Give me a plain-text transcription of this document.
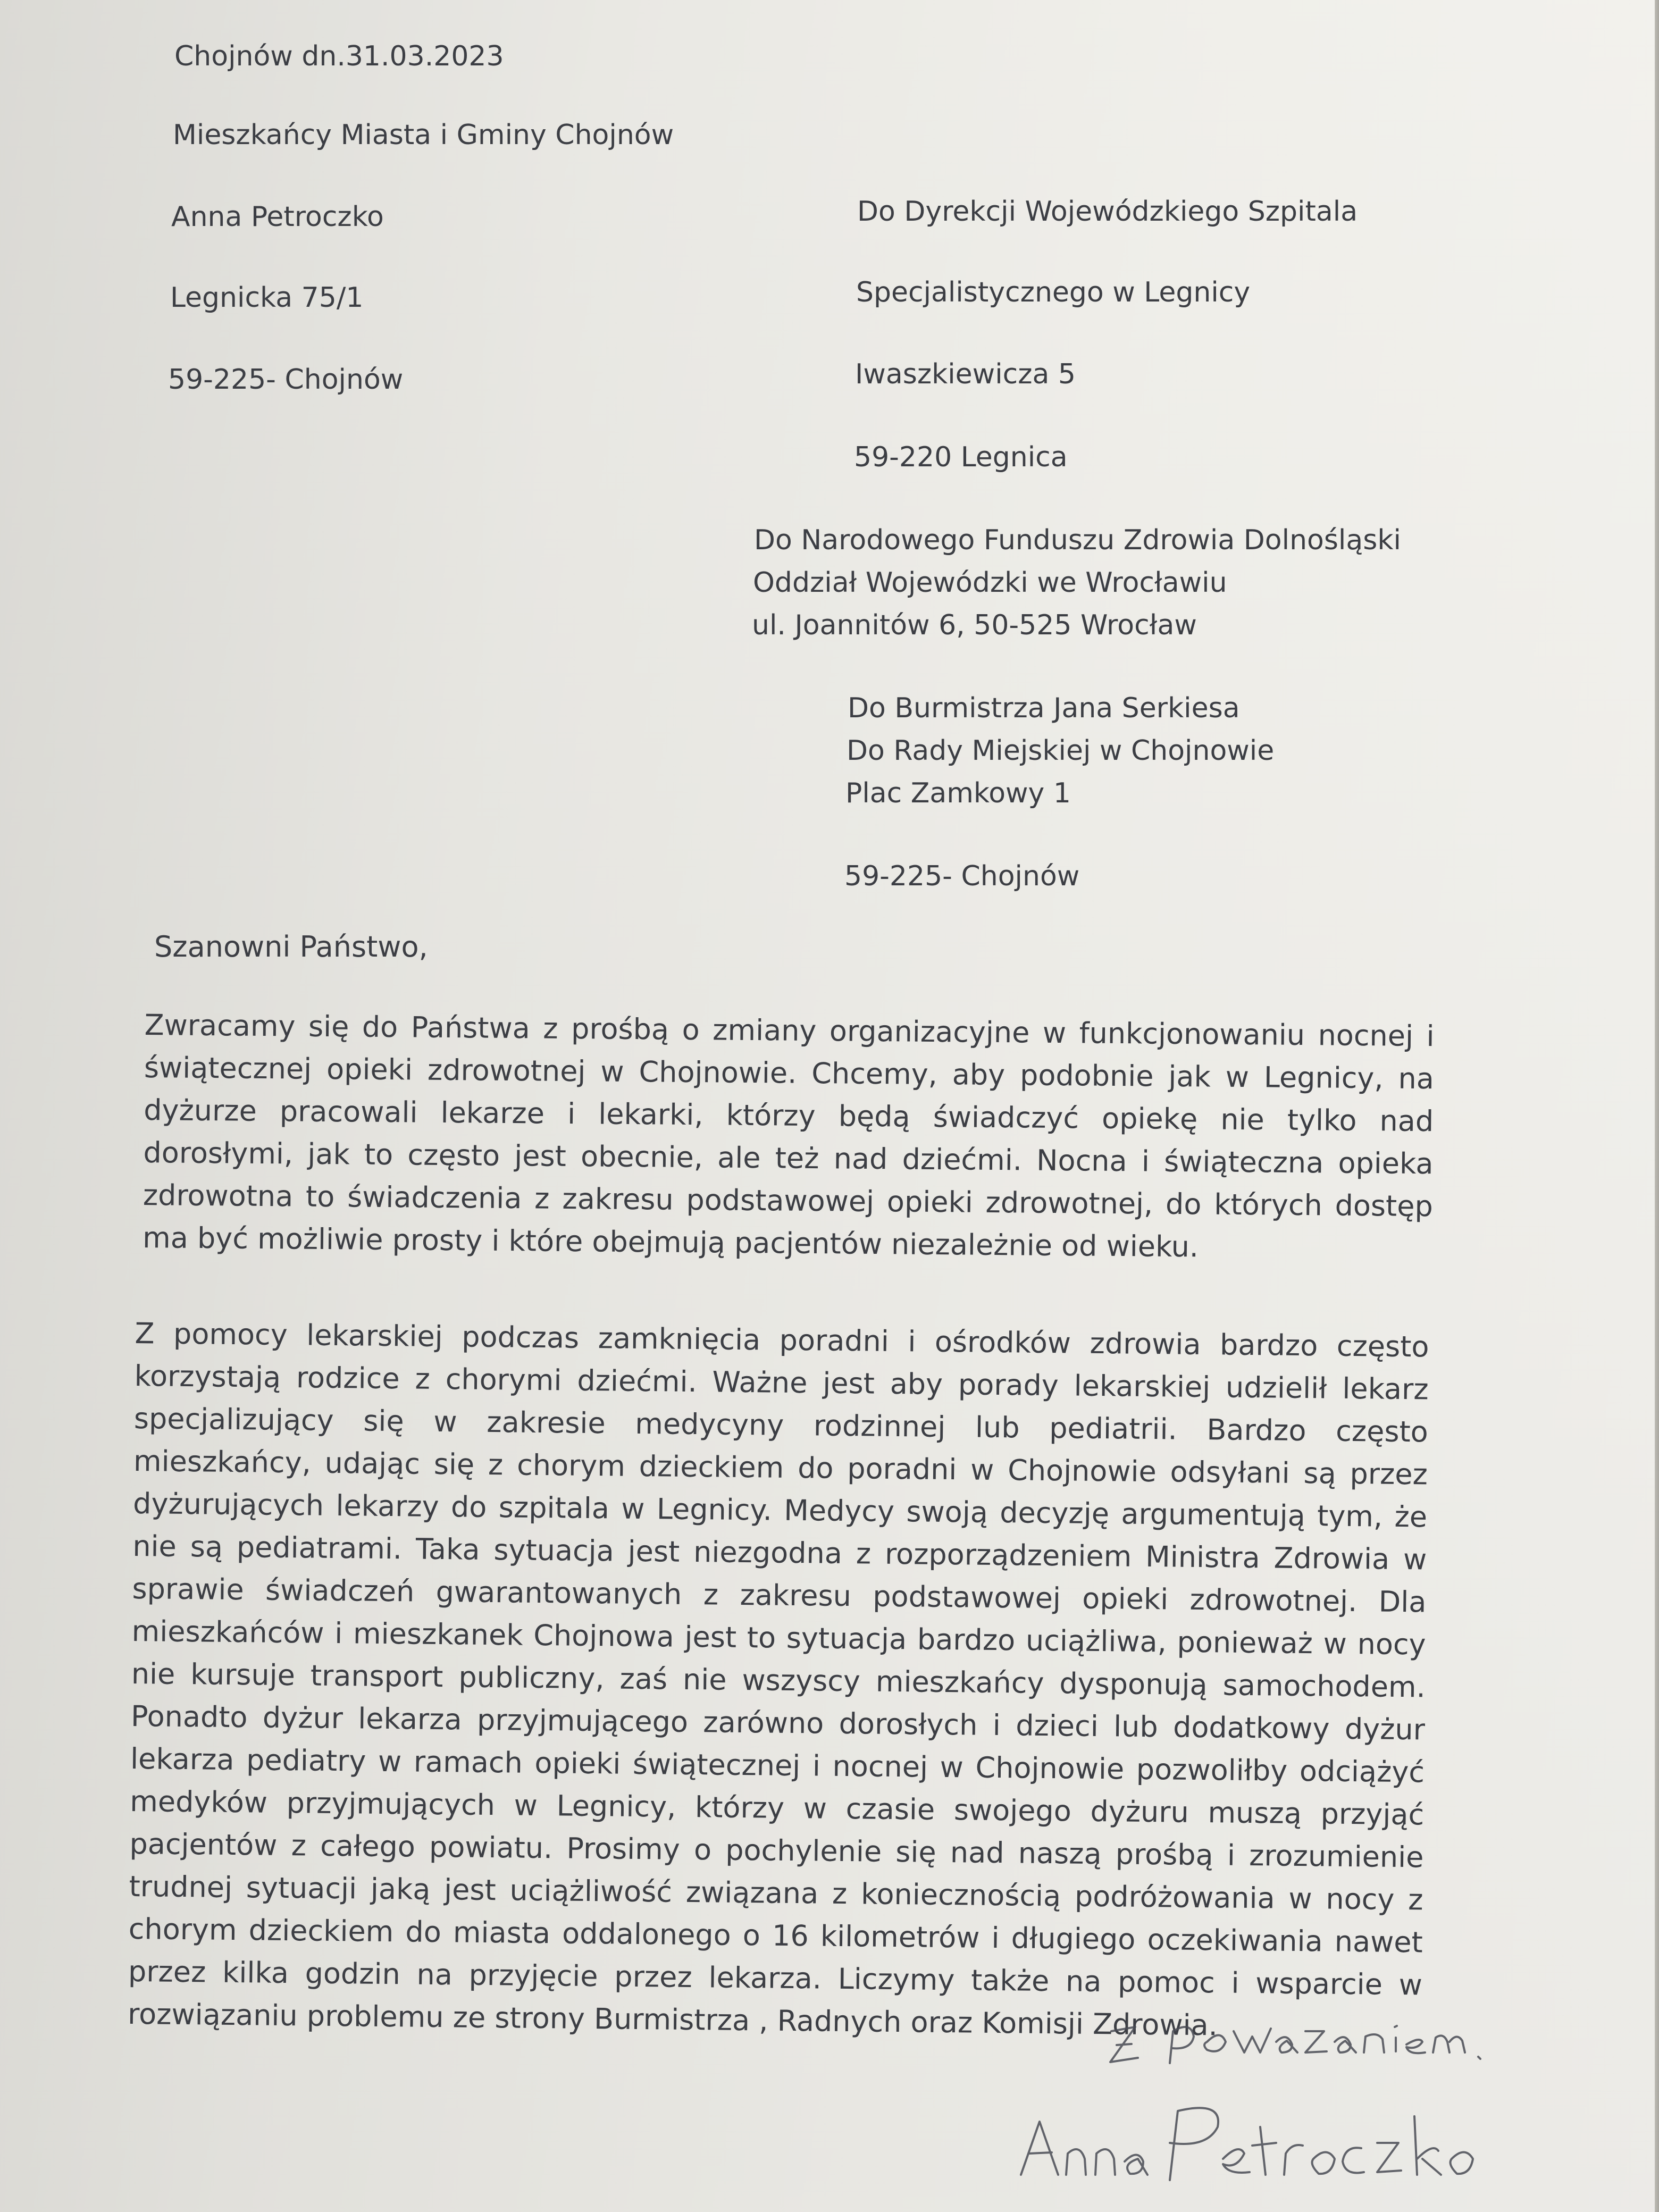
Chojnów dn.31.03.2023
Mieszkańcy Miasta i Gminy Chojnów
Anna Petroczko
Legnicka 75/1
59-225- Chojnów
Do Dyrekcji Wojewódzkiego Szpitala
Specjalistycznego w Legnicy
Iwaszkiewicza 5
59-220 Legnica
Do Narodowego Funduszu Zdrowia Dolnośląski
Oddział Wojewódzki we Wrocławiu
ul. Joannitów 6, 50-525 Wrocław
Do Burmistrza Jana Serkiesa
Do Rady Miejskiej w Chojnowie
Plac Zamkowy 1
59-225- Chojnów
Szanowni Państwo,

Zwracamy się do Państwa z prośbą o zmiany organizacyjne w funkcjonowaniu nocnej i świątecznej opieki zdrowotnej w Chojnowie. Chcemy, aby podobnie jak w Legnicy, na dyżurze pracowali lekarze i lekarki, którzy będą świadczyć opiekę nie tylko nad dorosłymi, jak to często jest obecnie, ale też nad dziećmi. Nocna i świąteczna opieka zdrowotna to świadczenia z zakresu podstawowej opieki zdrowotnej, do których dostęp ma być możliwie prosty i które obejmują pacjentów niezależnie od wieku.

Z pomocy lekarskiej podczas zamknięcia poradni i ośrodków zdrowia bardzo często korzystają rodzice z chorymi dziećmi. Ważne jest aby porady lekarskiej udzielił lekarz specjalizujący się w zakresie medycyny rodzinnej lub pediatrii. Bardzo często mieszkańcy, udając się z chorym dzieckiem do poradni w Chojnowie odsyłani są przez dyżurujących lekarzy do szpitala w Legnicy. Medycy swoją decyzję argumentują tym, że nie są pediatrami. Taka sytuacja jest niezgodna z rozporządzeniem Ministra Zdrowia w sprawie świadczeń gwarantowanych z zakresu podstawowej opieki zdrowotnej. Dla mieszkańców i mieszkanek Chojnowa jest to sytuacja bardzo uciążliwa, ponieważ w nocy nie kursuje transport publiczny, zaś nie wszyscy mieszkańcy dysponują samochodem. Ponadto dyżur lekarza przyjmującego zarówno dorosłych i dzieci lub dodatkowy dyżur lekarza pediatry w ramach opieki świątecznej i nocnej w Chojnowie pozwoliłby odciążyć medyków przyjmujących w Legnicy, którzy w czasie swojego dyżuru muszą przyjąć pacjentów z całego powiatu. Prosimy o pochylenie się nad naszą prośbą i zrozumienie trudnej sytuacji jaką jest uciążliwość związana z koniecznością podróżowania w nocy z chorym dzieckiem do miasta oddalonego o 16 kilometrów i długiego oczekiwania nawet przez kilka godzin na przyjęcie przez lekarza. Liczymy także na pomoc i wsparcie w rozwiązaniu problemu ze strony Burmistrza , Radnych oraz Komisji Zdrowia.
